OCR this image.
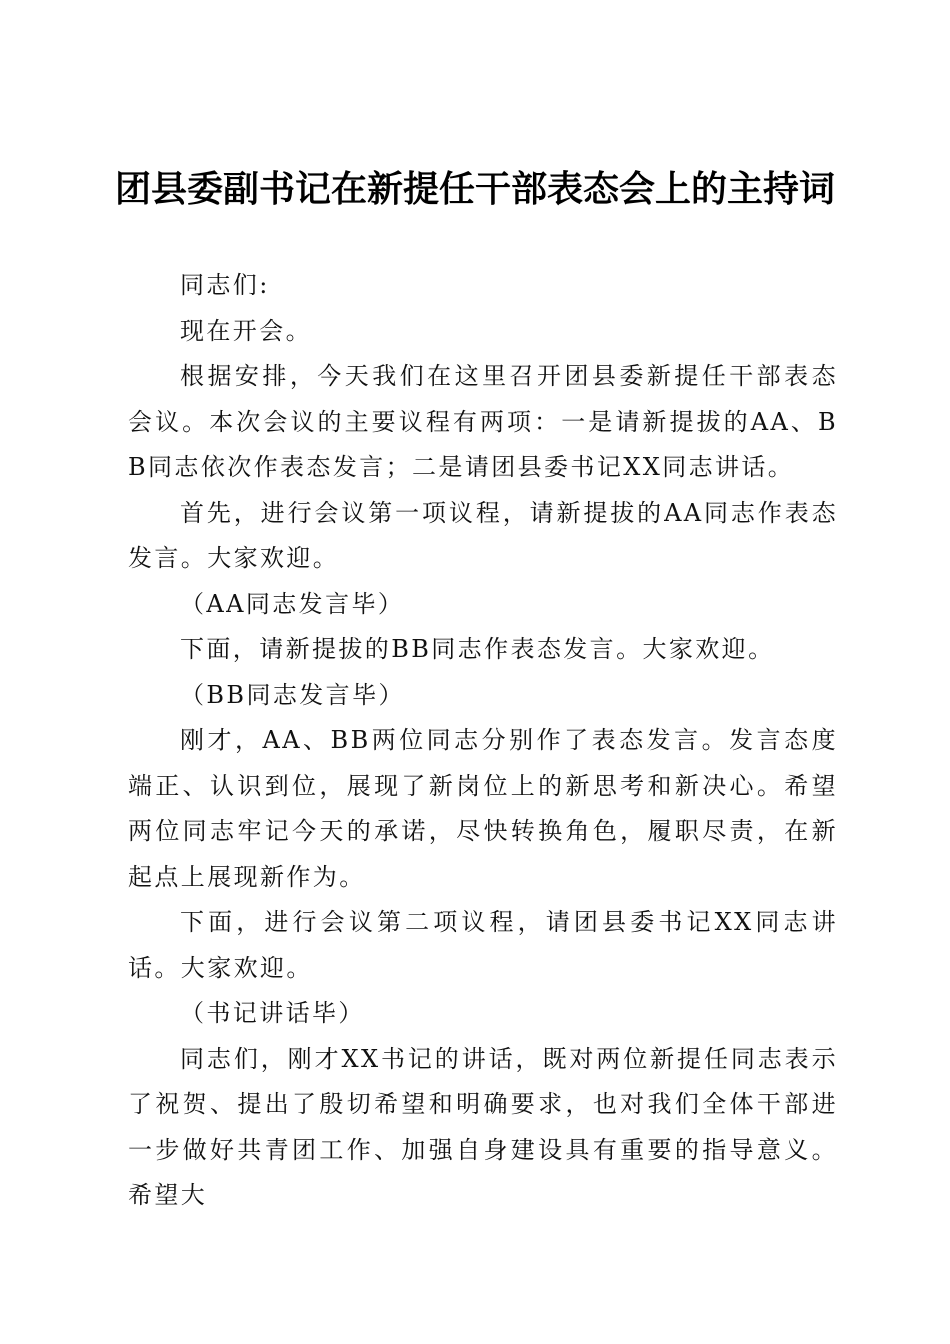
团县委副书记在新提任干部表态会上的主持词

同志们:

现在开会。

根据安排，今天我们在这里召开团县委新提任干部表态会议。本次会议的主要议程有两项：一是请新提拔的AA、BB同志依次作表态发言；二是请团县委书记XX同志讲话。

首先，进行会议第一项议程，请新提拔的AA同志作表态发言。大家欢迎。

（AA同志发言毕）

下面，请新提拔的BB同志作表态发言。大家欢迎。

（BB同志发言毕）

刚才，AA、BB两位同志分别作了表态发言。发言态度端正、认识到位，展现了新岗位上的新思考和新决心。希望两位同志牢记今天的承诺，尽快转换角色，履职尽责，在新起点上展现新作为。

下面，进行会议第二项议程，请团县委书记XX同志讲话。大家欢迎。

（书记讲话毕）

同志们，刚才XX书记的讲话，既对两位新提任同志表示了祝贺、提出了殷切希望和明确要求，也对我们全体干部进一步做好共青团工作、加强自身建设具有重要的指导意义。希望大
